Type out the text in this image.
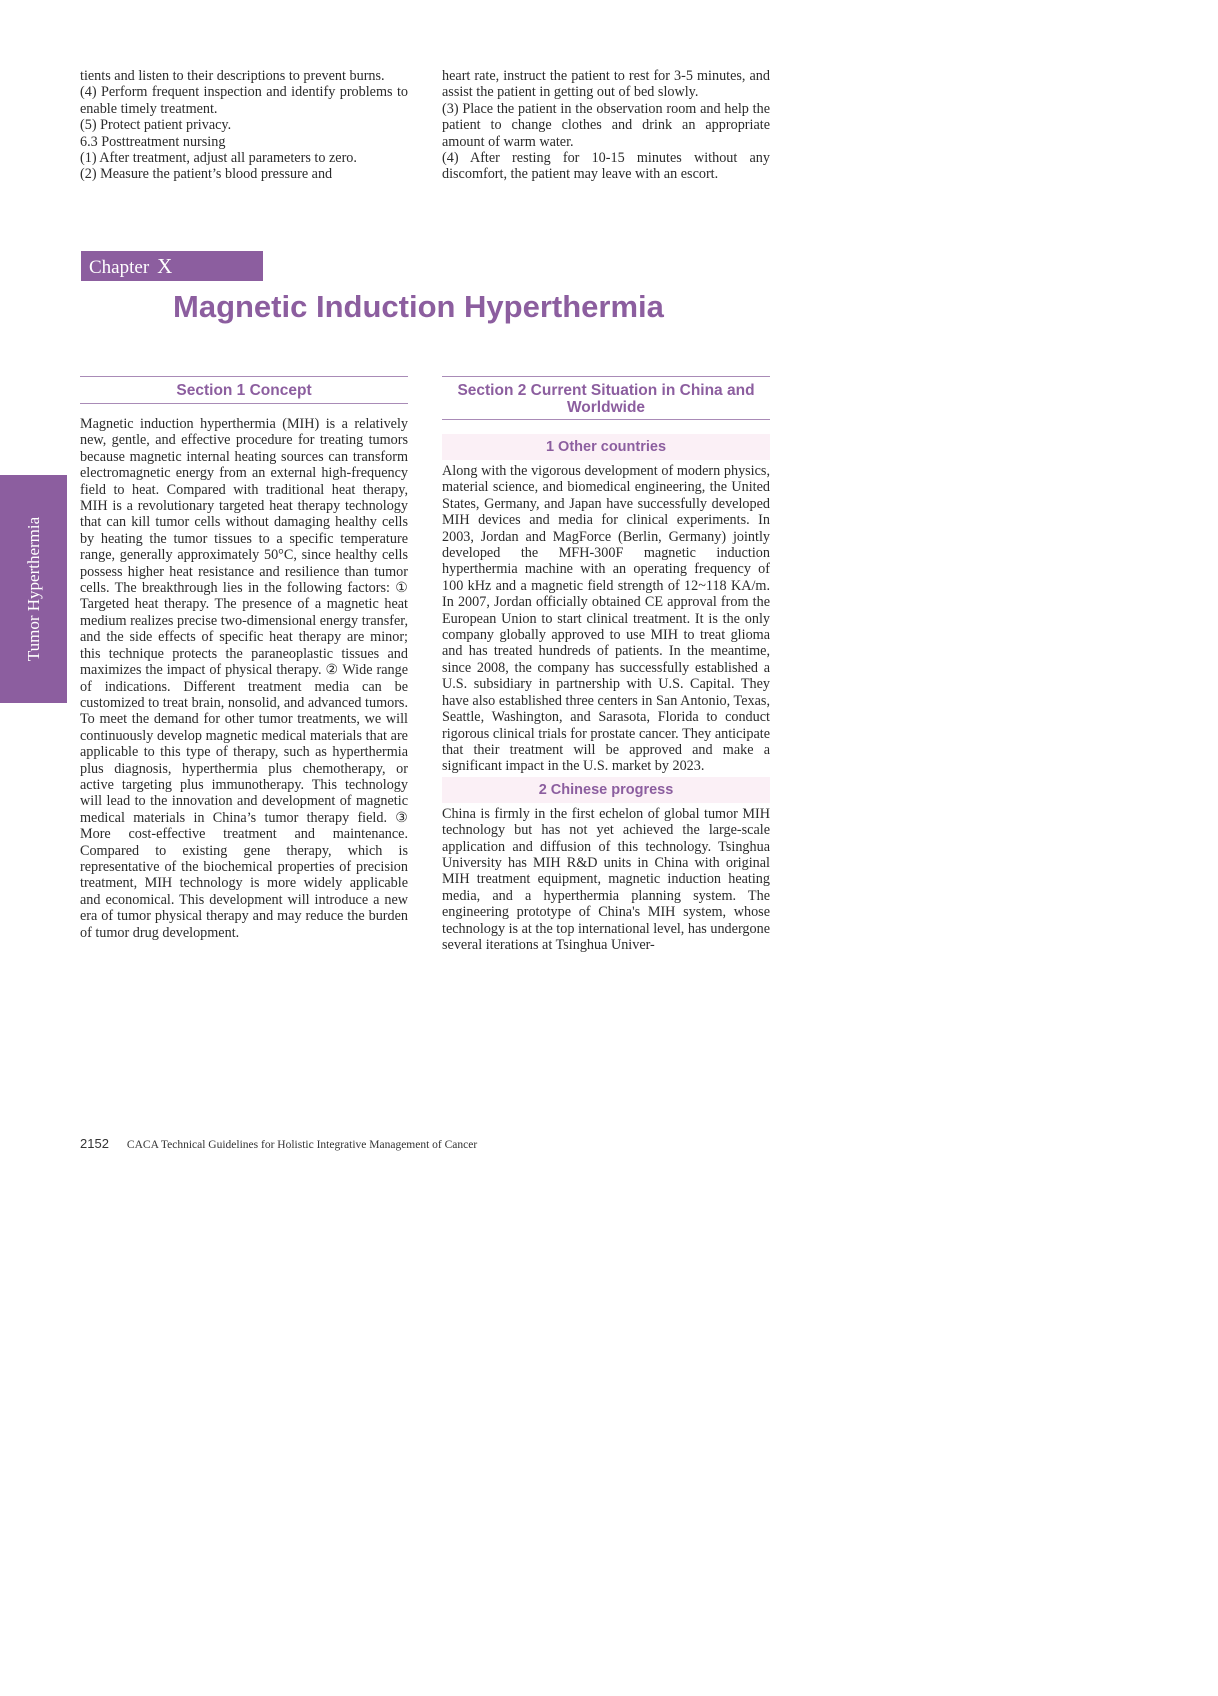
tients and listen to their descriptions to prevent burns.

(4) Perform frequent inspection and identify problems to enable timely treatment.

(5) Protect patient privacy.

6.3 Posttreatment nursing

(1) After treatment, adjust all parameters to zero.

(2) Measure the patient’s blood pressure and

heart rate, instruct the patient to rest for 3-5 minutes, and assist the patient in getting out of bed slowly.

(3) Place the patient in the observation room and help the patient to change clothes and drink an appropriate amount of warm water.

(4) After resting for 10-15 minutes without any discomfort, the patient may leave with an escort.

Chapter X
Magnetic Induction Hyperthermia
Tumor Hyperthermia
Section 1 Concept	Section 2 Current Situation in China and Worldwide

Magnetic induction hyperthermia (MIH) is a relatively new, gentle, and effective procedure for treating tumors because magnetic internal heating sources can transform electromagnetic energy from an external high-frequency field to heat. Compared with traditional heat therapy, MIH is a revolutionary targeted heat therapy technology that can kill tumor cells without damaging healthy cells by heating the tumor tissues to a specific temperature range, generally approximately 50°C, since healthy cells possess higher heat resistance and resilience than tumor cells. The breakthrough lies in the following factors: ① Targeted heat therapy. The presence of a magnetic heat medium realizes precise two-dimensional energy transfer, and the side effects of specific heat therapy are minor; this technique protects the paraneoplastic tissues and maximizes the impact of physical therapy. ② Wide range of indications. Different treatment media can be customized to treat brain, nonsolid, and advanced tumors. To meet the demand for other tumor treatments, we will continuously develop magnetic medical materials that are applicable to this type of therapy, such as hyperthermia plus diagnosis, hyperthermia plus chemotherapy, or active targeting plus immunotherapy. This technology will lead to the innovation and development of magnetic medical materials in China’s tumor therapy field. ③ More cost-effective treatment and maintenance. Compared to existing gene therapy, which is representative of the biochemical properties of precision treatment, MIH technology is more widely applicable and economical. This development will introduce a new era of tumor physical therapy and may reduce the burden of tumor drug development.

1 Other countries

Along with the vigorous development of modern physics, material science, and biomedical engineering, the United States, Germany, and Japan have successfully developed MIH devices and media for clinical experiments. In 2003, Jordan and MagForce (Berlin, Germany) jointly developed the MFH-300F magnetic induction hyperthermia machine with an operating frequency of 100 kHz and a magnetic field strength of 12~118 KA/m. In 2007, Jordan officially obtained CE approval from the European Union to start clinical treatment. It is the only company globally approved to use MIH to treat glioma and has treated hundreds of patients. In the meantime, since 2008, the company has successfully established a U.S. subsidiary in partnership with U.S. Capital. They have also established three centers in San Antonio, Texas, Seattle, Washington, and Sarasota, Florida to conduct rigorous clinical trials for prostate cancer. They anticipate that their treatment will be approved and make a significant impact in the U.S. market by 2023.

2 Chinese progress

China is firmly in the first echelon of global tumor MIH technology but has not yet achieved the large-scale application and diffusion of this technology. Tsinghua University has MIH R&D units in China with original MIH treatment equipment, magnetic induction heating media, and a hyperthermia planning system. The engineering prototype of China's MIH system, whose technology is at the top international level, has undergone several iterations at Tsinghua Univer-

2152 CACA Technical Guidelines for Holistic Integrative Management of Cancer
